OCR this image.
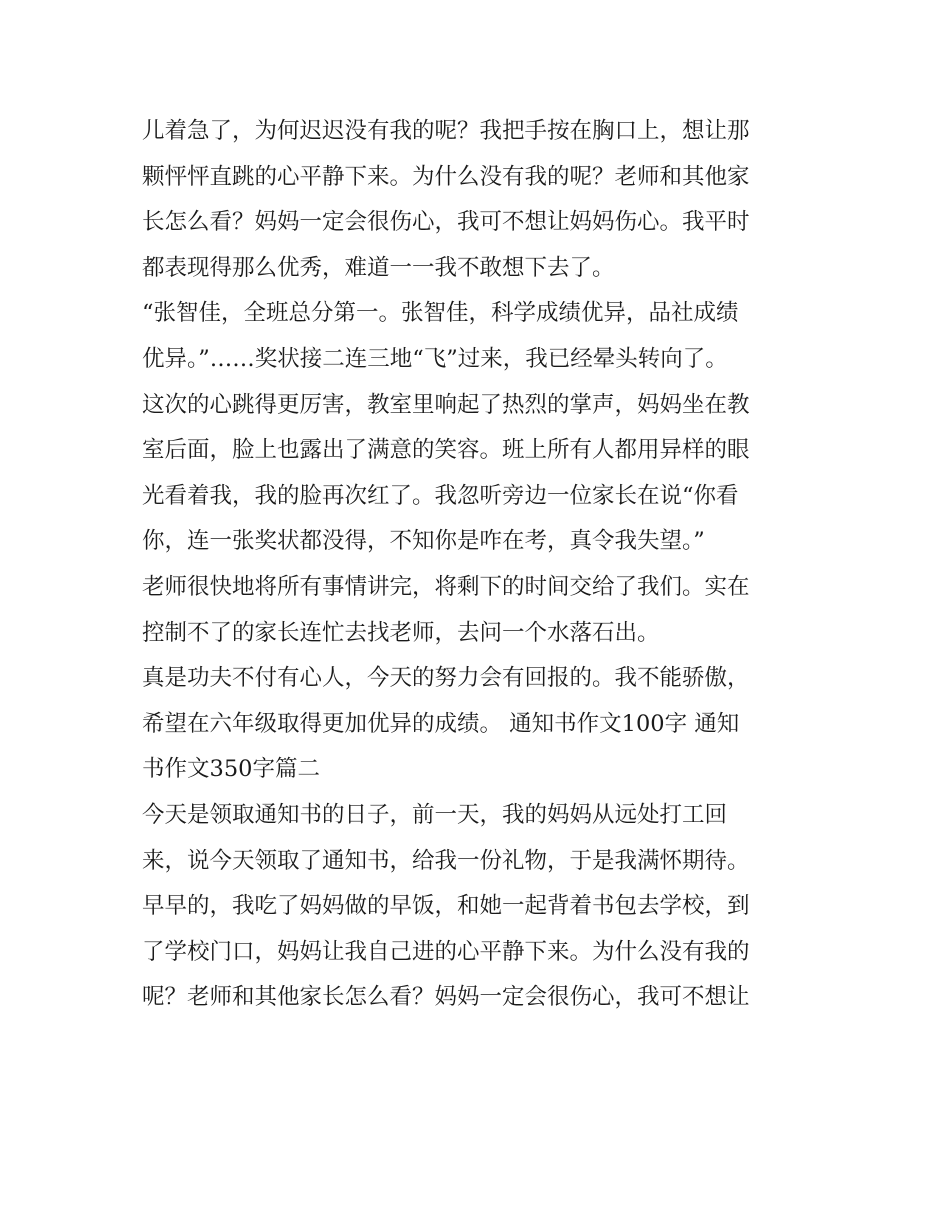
儿着急了，为何迟迟没有我的呢？我把手按在胸口上，想让那
颗怦怦直跳的心平静下来。为什么没有我的呢？老师和其他家
长怎么看？妈妈一定会很伤心，我可不想让妈妈伤心。我平时
都表现得那么优秀，难道一一我不敢想下去了。
“张智佳，全班总分第一。张智佳，科学成绩优异，品社成绩
优异。”……奖状接二连三地“飞”过来，我已经晕头转向了。
这次的心跳得更厉害，教室里响起了热烈的掌声，妈妈坐在教
室后面，脸上也露出了满意的笑容。班上所有人都用异样的眼
光看着我，我的脸再次红了。我忽听旁边一位家长在说“你看
你，连一张奖状都没得，不知你是咋在考，真令我失望。”
老师很快地将所有事情讲完，将剩下的时间交给了我们。实在
控制不了的家长连忙去找老师，去问一个水落石出。
真是功夫不付有心人，今天的努力会有回报的。我不能骄傲，
希望在六年级取得更加优异的成绩。 通知书作文100字 通知
书作文350字篇二
今天是领取通知书的日子，前一天，我的妈妈从远处打工回
来，说今天领取了通知书，给我一份礼物，于是我满怀期待。
早早的，我吃了妈妈做的早饭，和她一起背着书包去学校，到
了学校门口，妈妈让我自己进的心平静下来。为什么没有我的
呢？老师和其他家长怎么看？妈妈一定会很伤心，我可不想让
